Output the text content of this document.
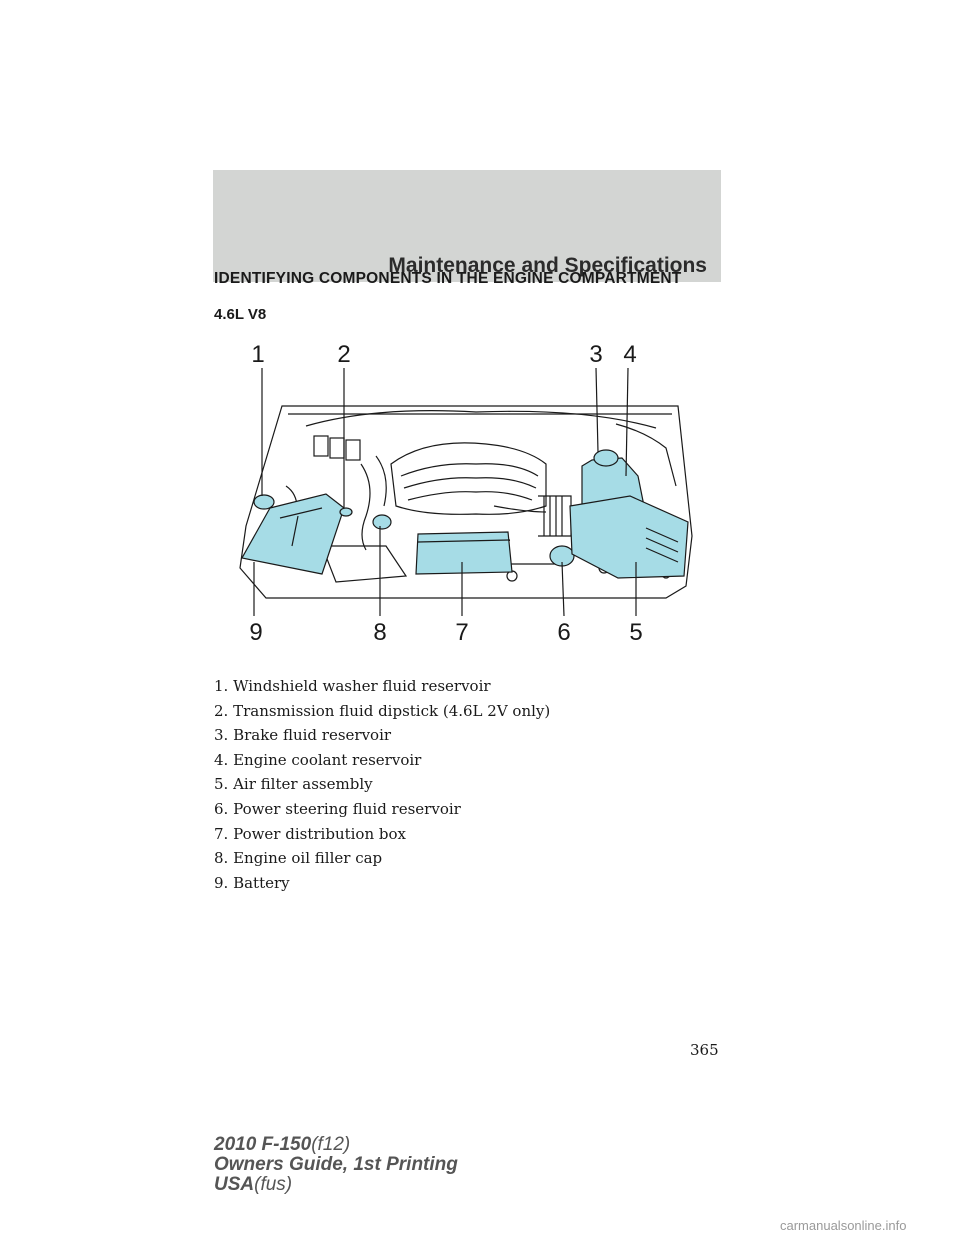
Maintenance and Specifications
IDENTIFYING COMPONENTS IN THE ENGINE COMPARTMENT
4.6L V8
1	2	3 4
5
6
7
8
9
1. Windshield washer fluid reservoir
2. Transmission fluid dipstick (4.6L 2V only)
3. Brake fluid reservoir
4. Engine coolant reservoir
5. Air filter assembly
6. Power steering fluid reservoir
7. Power distribution box
8. Engine oil filler cap
9. Battery
365
2010 F-150(f12)
Owners Guide, 1st Printing
USA(fus)
carmanualsonline.info
